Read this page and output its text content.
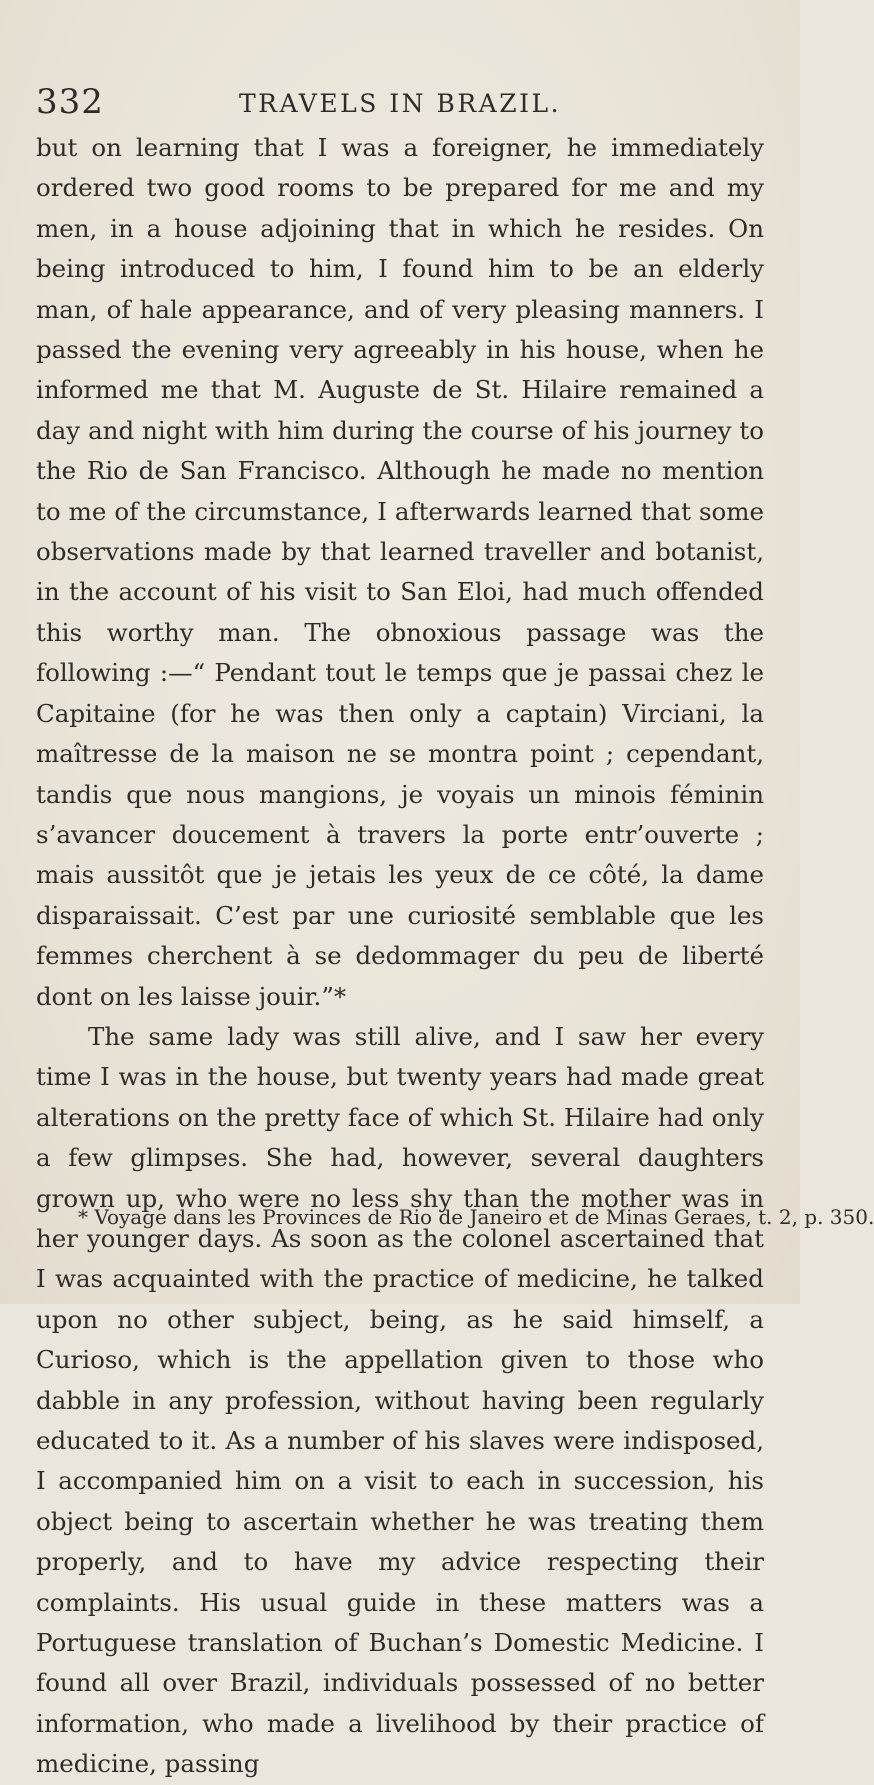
332	TRAVELS IN BRAZIL.

but on learning that I was a foreigner, he immediately ordered two good rooms to be prepared for me and my men, in a house adjoining that in which he resides. On being introduced to him, I found him to be an elderly man, of hale appearance, and of very pleasing manners. I passed the evening very agreeably in his house, when he informed me that M. Auguste de St. Hilaire remained a day and night with him during the course of his journey to the Rio de San Francisco. Although he made no mention to me of the circumstance, I afterwards learned that some observations made by that learned traveller and botanist, in the account of his visit to San Eloi, had much offended this worthy man. The obnoxious passage was the following :—“ Pendant tout le temps que je passai chez le Capitaine (for he was then only a captain) Virciani, la maîtresse de la maison ne se montra point ; cependant, tandis que nous mangions, je voyais un minois féminin s’avancer doucement à travers la porte entr’ouverte ; mais aussitôt que je jetais les yeux de ce côté, la dame disparaissait. C’est par une curiosité semblable que les femmes cherchent à se dedommager du peu de liberté dont on les laisse jouir.”*

The same lady was still alive, and I saw her every time I was in the house, but twenty years had made great alterations on the pretty face of which St. Hilaire had only a few glimpses. She had, however, several daughters grown up, who were no less shy than the mother was in her younger days. As soon as the colonel ascertained that I was acquainted with the practice of medicine, he talked upon no other subject, being, as he said himself, a Curioso, which is the appellation given to those who dabble in any profession, without having been regularly educated to it. As a number of his slaves were indisposed, I accompanied him on a visit to each in succession, his object being to ascertain whether he was treating them properly, and to have my advice respecting their complaints. His usual guide in these matters was a Portuguese translation of Buchan’s Domestic Medicine. I found all over Brazil, individuals possessed of no better information, who made a livelihood by their practice of medicine, passing

* Voyage dans les Provinces de Rio de Janeiro et de Minas Geraes, t. 2, p. 350.
